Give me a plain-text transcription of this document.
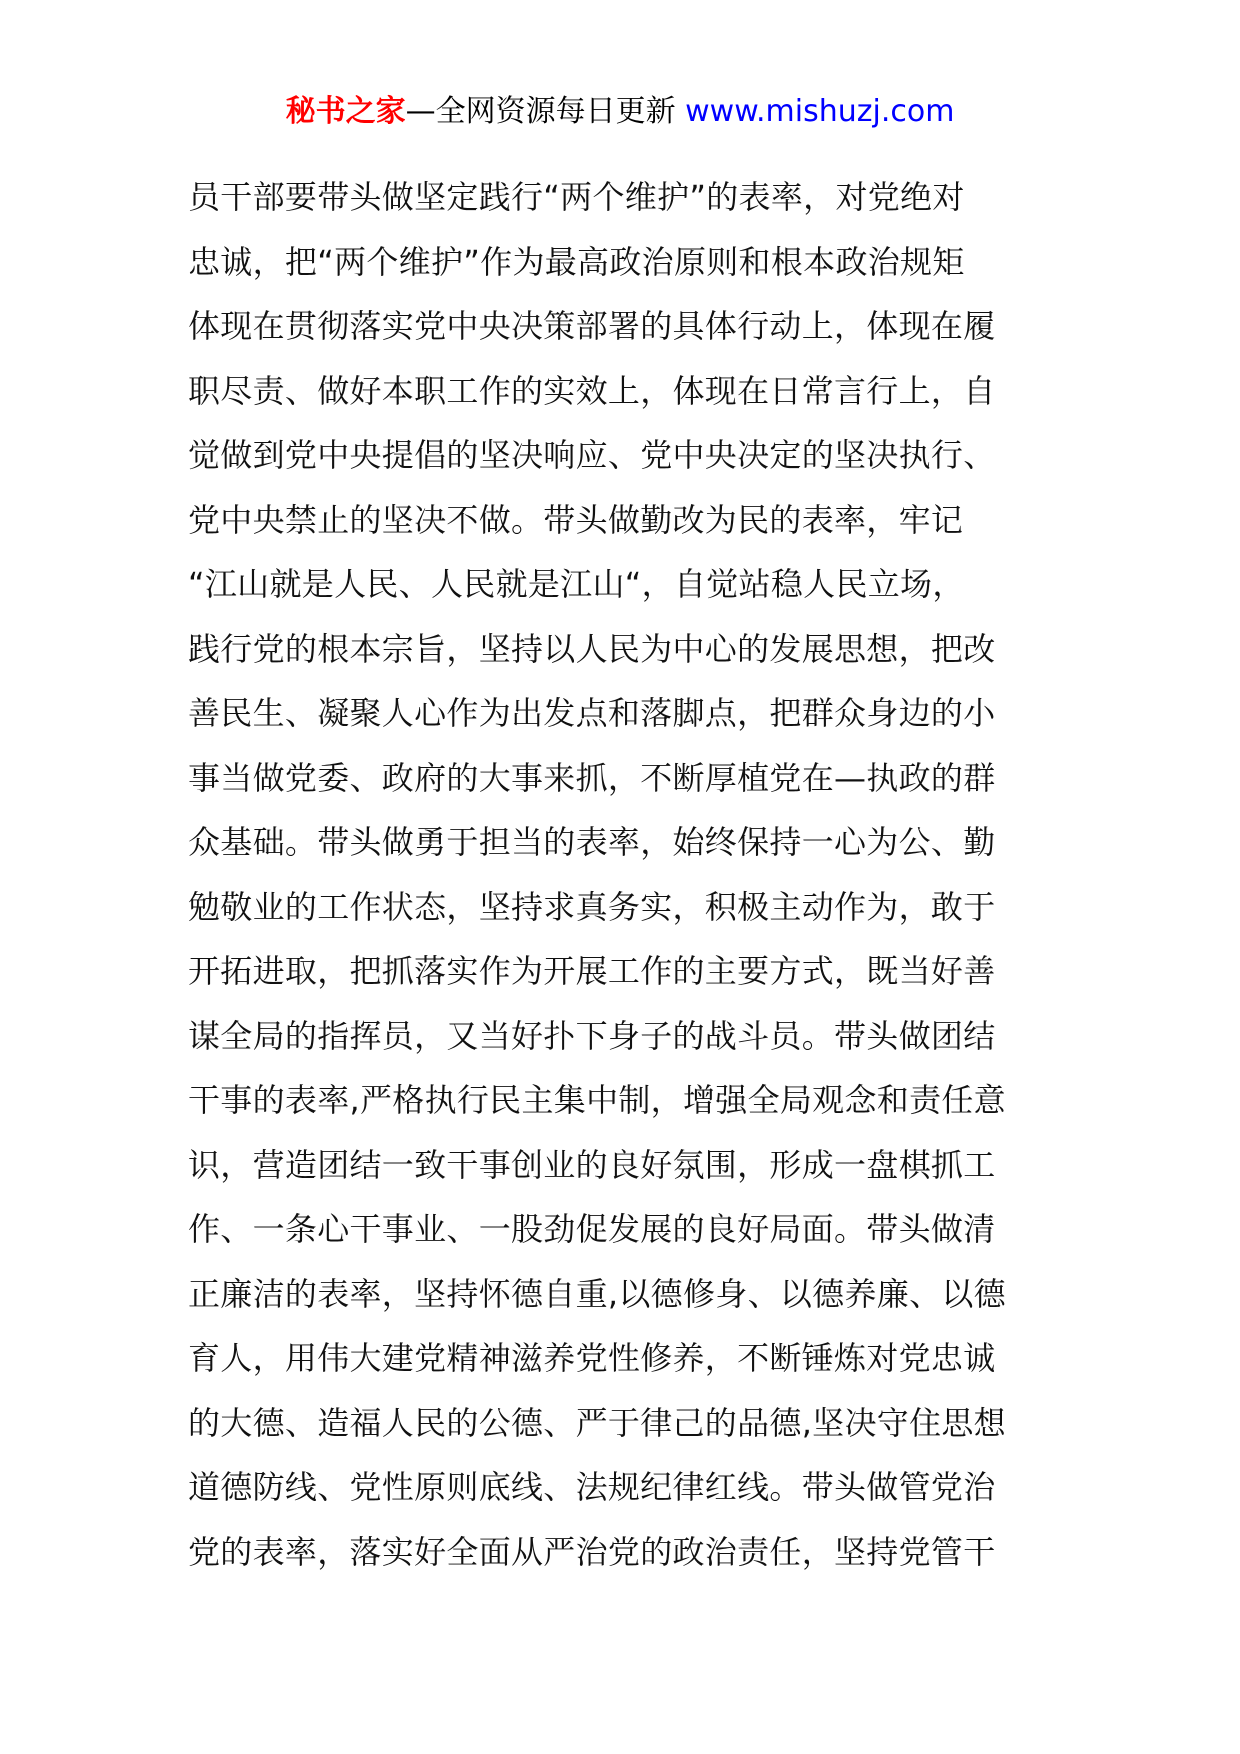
秘书之家—全网资源每日更新 www.mishuzj.com
员干部要带头做坚定践行“两个维护”的表率，对党绝对
忠诚，把“两个维护”作为最高政治原则和根本政治规矩
体现在贯彻落实党中央决策部署的具体行动上，体现在履
职尽责、做好本职工作的实效上，体现在日常言行上，自
觉做到党中央提倡的坚决响应、党中央决定的坚决执行、
党中央禁止的坚决不做。带头做勤改为民的表率，牢记
“江山就是人民、人民就是江山“，自觉站稳人民立场，
践行党的根本宗旨，坚持以人民为中心的发展思想，把改
善民生、凝聚人心作为出发点和落脚点，把群众身边的小
事当做党委、政府的大事来抓，不断厚植党在—执政的群
众基础。带头做勇于担当的表率，始终保持一心为公、勤
勉敬业的工作状态，坚持求真务实，积极主动作为，敢于
开拓进取，把抓落实作为开展工作的主要方式，既当好善
谋全局的指挥员，又当好扑下身子的战斗员。带头做团结
干事的表率,严格执行民主集中制，增强全局观念和责任意
识，营造团结一致干事创业的良好氛围，形成一盘棋抓工
作、一条心干事业、一股劲促发展的良好局面。带头做清
正廉洁的表率，坚持怀德自重,以德修身、以德养廉、以德
育人，用伟大建党精神滋养党性修养，不断锤炼对党忠诚
的大德、造福人民的公德、严于律己的品德,坚决守住思想
道德防线、党性原则底线、法规纪律红线。带头做管党治
党的表率，落实好全面从严治党的政治责任，坚持党管干
